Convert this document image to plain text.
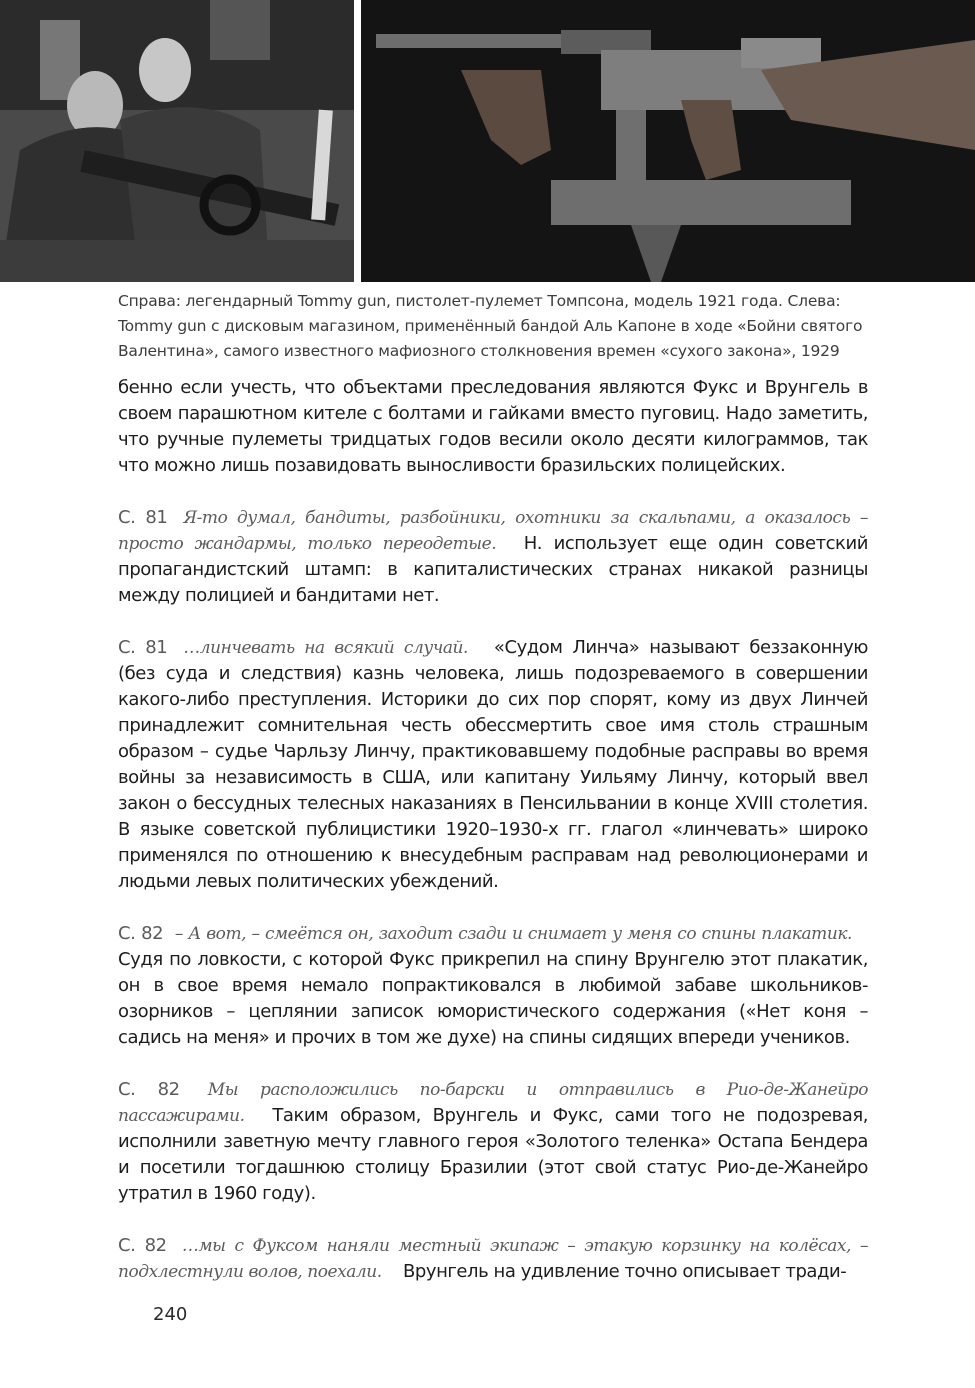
Справа: легендарный Tommy gun, пистолет-пулемет Томпсона, модель 1921 года. Слева: Tommy gun с дисковым магазином, применённый бандой Аль Капоне в ходе «Бойни святого Валентина», самого известного мафиозного столкновения времен «сухого закона», 1929

бенно если учесть, что объектами преследования являются Фукс и Врунгель в своем парашютном кителе с болтами и гайками вместо пуговиц. Надо заметить, что ручные пулеметы тридцатых годов весили около десяти килограммов, так что можно лишь позавидовать выносливости бразильских полицейских.

С. 81 Я-то думал, бандиты, разбойники, охотники за скальпами, а оказалось – просто жандармы, только переодетые. Н. использует еще один советский пропагандистский штамп: в капиталистических странах никакой разницы между полицией и бандитами нет.

С. 81 …линчевать на всякий случай. «Судом Линча» называют беззаконную (без суда и следствия) казнь человека, лишь подозреваемого в совершении какого-либо преступления. Историки до сих пор спорят, кому из двух Линчей принадлежит сомнительная честь обессмертить свое имя столь страшным образом – судье Чарльзу Линчу, практиковавшему подобные расправы во время войны за независимость в США, или капитану Уильяму Линчу, который ввел закон о бессудных телесных наказаниях в Пенсильвании в конце XVIII столетия. В языке советской публицистики 1920–1930-х гг. глагол «линчевать» широко применялся по отношению к внесудебным расправам над революционерами и людьми левых политических убеждений.

С. 82 – А вот, – смеётся он, заходит сзади и снимает у меня со спины плакатик. Судя по ловкости, с которой Фукс прикрепил на спину Врунгелю этот плакатик, он в свое время немало попрактиковался в любимой забаве школьников-озорников – цеплянии записок юмористического содержания («Нет коня – садись на меня» и прочих в том же духе) на спины сидящих впереди учеников.

С. 82 Мы расположились по-барски и отправились в Рио-де-Жанейро пассажирами. Таким образом, Врунгель и Фукс, сами того не подозревая, исполнили заветную мечту главного героя «Золотого теленка» Остапа Бендера и посетили тогдашнюю столицу Бразилии (этот свой статус Рио-де-Жанейро утратил в 1960 году).

С. 82 …мы с Фуксом наняли местный экипаж – этакую корзинку на колёсах, – подхлестнули волов, поехали. Врунгель на удивление точно описывает тради-

240
